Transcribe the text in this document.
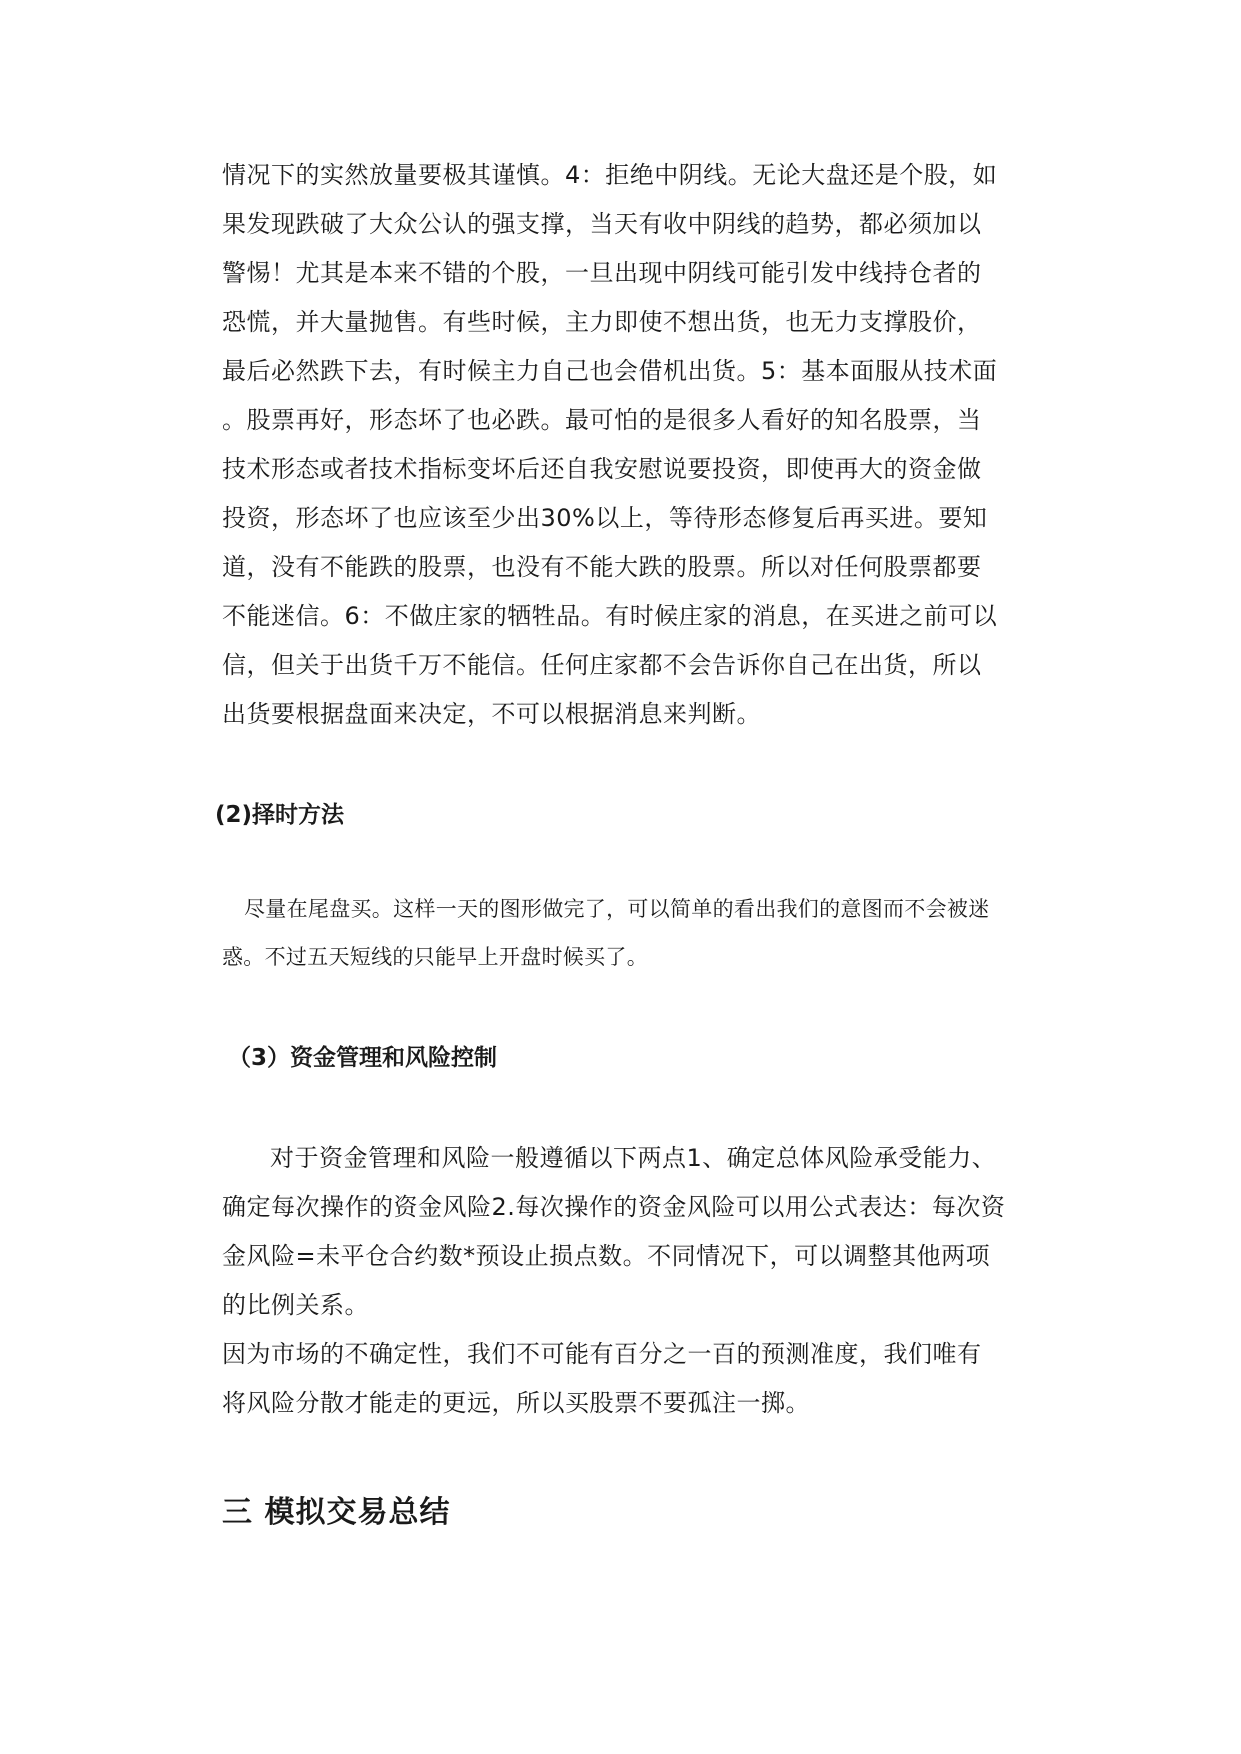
情况下的实然放量要极其谨慎。4：拒绝中阴线。无论大盘还是个股，如
果发现跌破了大众公认的强支撑，当天有收中阴线的趋势，都必须加以
警惕！尤其是本来不错的个股，一旦出现中阴线可能引发中线持仓者的
恐慌，并大量抛售。有些时候，主力即使不想出货，也无力支撑股价，
最后必然跌下去，有时候主力自己也会借机出货。5：基本面服从技术面
。股票再好，形态坏了也必跌。最可怕的是很多人看好的知名股票，当
技术形态或者技术指标变坏后还自我安慰说要投资，即使再大的资金做
投资，形态坏了也应该至少出30%以上，等待形态修复后再买进。要知
道，没有不能跌的股票，也没有不能大跌的股票。所以对任何股票都要
不能迷信。6：不做庄家的牺牲品。有时候庄家的消息，在买进之前可以
信，但关于出货千万不能信。任何庄家都不会告诉你自己在出货，所以
出货要根据盘面来决定，不可以根据消息来判断。
(2)择时方法
尽量在尾盘买。这样一天的图形做完了，可以简单的看出我们的意图而不会被迷
惑。不过五天短线的只能早上开盘时候买了。
（3）资金管理和风险控制
对于资金管理和风险一般遵循以下两点1、确定总体风险承受能力、
确定每次操作的资金风险2.每次操作的资金风险可以用公式表达：每次资
金风险=未平仓合约数*预设止损点数。不同情况下，可以调整其他两项
的比例关系。
因为市场的不确定性，我们不可能有百分之一百的预测准度，我们唯有
将风险分散才能走的更远，所以买股票不要孤注一掷。
三 模拟交易总结
